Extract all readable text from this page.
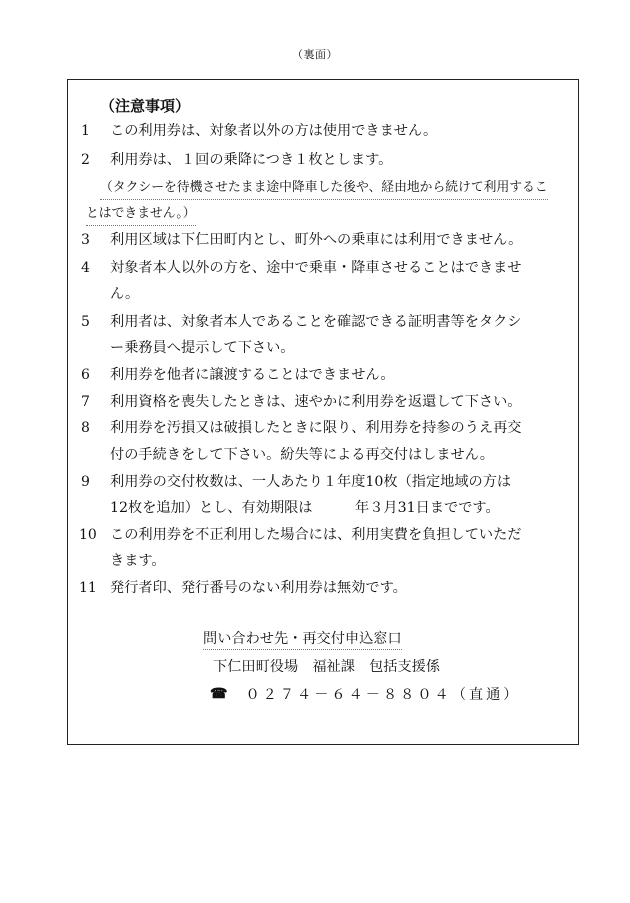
（裏面）
（注意事項）
1	この利用券は、対象者以外の方は使用できません。
2	利用券は、１回の乗降につき１枚とします。
（タクシーを待機させたまま途中降車した後や、経由地から続けて利用するこ
とはできません。）
3	利用区域は下仁田町内とし、町外への乗車には利用できません。
4	対象者本人以外の方を、途中で乗車・降車させることはできませ
ん。
5	利用者は、対象者本人であることを確認できる証明書等をタクシ
ー乗務員へ提示して下さい。
6	利用券を他者に譲渡することはできません。
7	利用資格を喪失したときは、速やかに利用券を返還して下さい。
8	利用券を汚損又は破損したときに限り、利用券を持参のうえ再交
付の手続きをして下さい。紛失等による再交付はしません。
9	利用券の交付枚数は、一人あたり１年度10枚（指定地域の方は
12枚を追加）とし、有効期限は　　　年３月31日までです。
10 この利用券を不正利用した場合には、利用実費を負担していただ
きます。
11 発行者印、発行番号のない利用券は無効です。
問い合わせ先・再交付申込窓口
下仁田町役場　福祉課　包括支援係
☎ ０２７４－６４－８８０４（直通）
